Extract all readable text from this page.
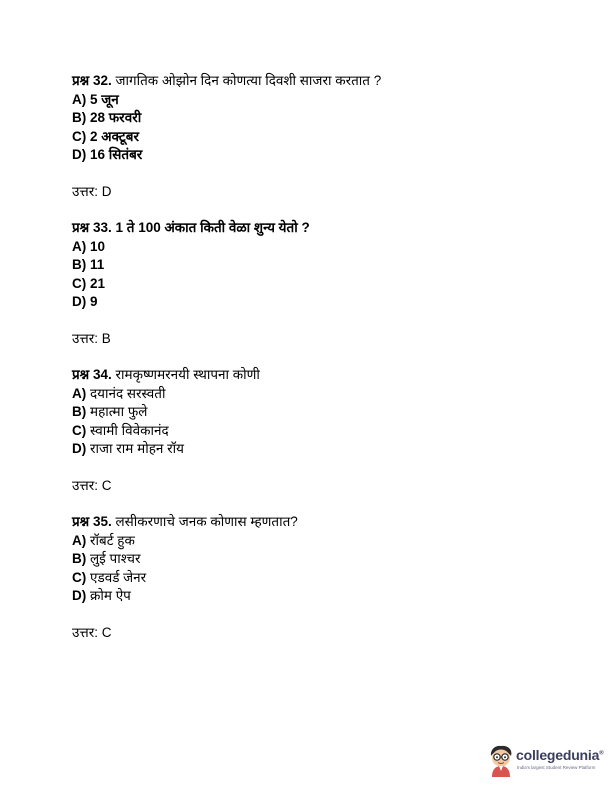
प्रश्न 32. जागतिक ओझोन दिन कोणत्या दिवशी साजरा करतात ?
A) 5 जून
B) 28 फरवरी
C) 2 अक्टूबर
D) 16 सितंबर
उत्तर: D
प्रश्न 33. 1 ते 100 अंकात किती वेळा शुन्य येतो ?
A) 10
B) 11
C) 21
D) 9
उत्तर: B
प्रश्न 34. रामकृष्णमरनयी स्थापना कोणी
A) दयानंद सरस्वती
B) महात्मा फुले
C) स्वामी विवेकानंद
D) राजा राम मोहन रॉय
उत्तर: C
प्रश्न 35. लसीकरणाचे जनक कोणास म्हणतात?
A) रॉबर्ट हुक
B) लुई पाश्चर
C) एडवर्ड जेनर
D) क्रोम ऐप
उत्तर: C
collegedunia®
India's largest Student Review Platform
